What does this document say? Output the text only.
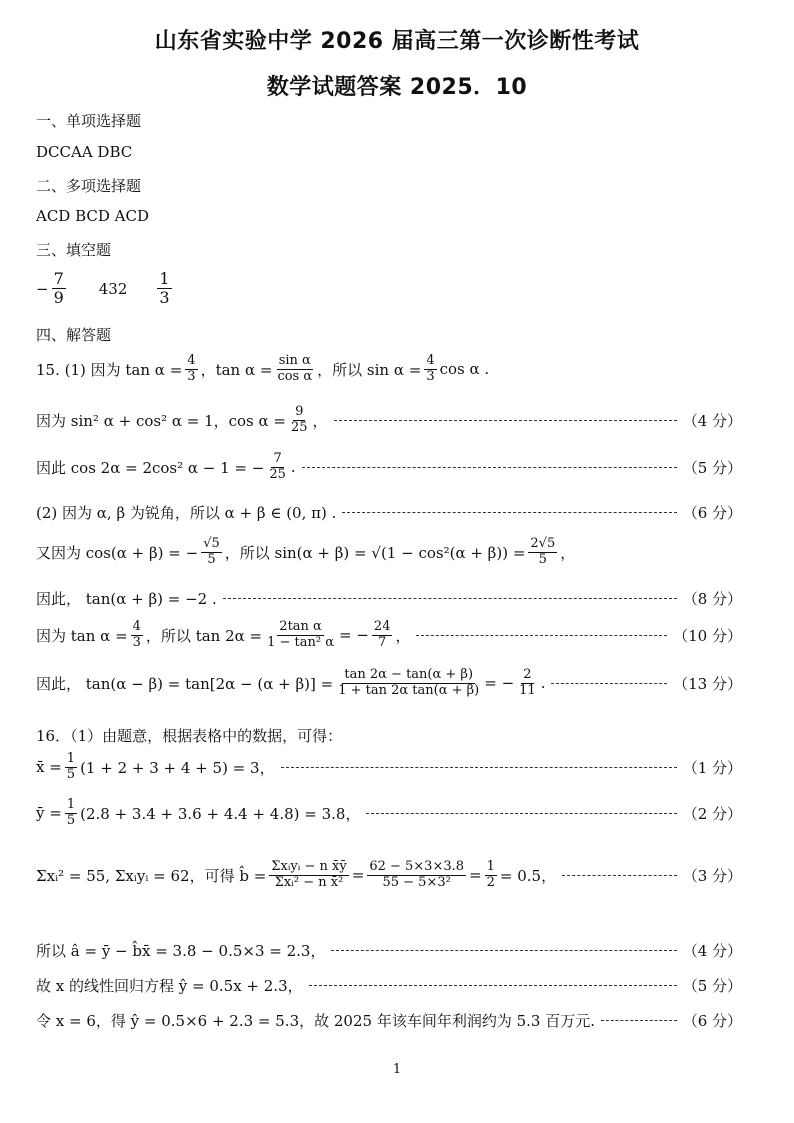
山东省实验中学 2026 届高三第一次诊断性考试
数学试题答案 2025．10
一、单项选择题
DCCAA DBC
二、多项选择题
ACD BCD ACD
三、填空题
− $\frac{7}{9} 432 \frac{1}{3}$
四、解答题
15. (1) 因为 $\tan \alpha = \frac{4}{3}$ ，$\tan \alpha = \frac{\text{sin α}}{\text{cos α}}$ ，所以 $\sin \alpha = \frac{4}{3}$ cos α .
因为 sin² α + cos² α = 1，$\cos \alpha = \frac{9}{25}$ ，	（4 分）
因此 cos 2α = 2cos² α − 1 = − $\frac{7}{25}$ .	（5 分）
(2) 因为 α, β 为锐角，所以 α + β ∈ (0, π) .	（6 分）
又因为 cos(α + β) = − $\frac{√5}{5}$ ，所以 $\sin(\alpha + \beta) = √(1 - \cos^2(\alpha + \beta)) = \frac{2√5}{5}$ ，
因此， tan(α + β) = −2 .	（8 分）
因为 $\tan \alpha = \frac{4}{3}$ ，所以 $\tan 2\alpha = \frac{\text{2tan α}}{\text{1 − tan² α}}$ = − $\frac{24}{7}$ ，	（10 分）
因此， $\tan(\alpha - \beta) = \tan[2\alpha - (\alpha + \beta)] = \frac{\tan 2\alpha - \tan(\alpha + \beta)}{\text{1 + tan 2α tan(α + β)}}$ = − $\frac{2}{11}$ .	（13 分）
16．（1）由题意，根据表格中的数据，可得：
x̄ = $\frac{1}{5} (1 + 2 + 3 + 4 + 5) = 3$，	（1 分）
ȳ = $\frac{1}{5} (2.8 + 3.4 + 3.6 + 4.4 + 4.8) = 3.8$，	（2 分）
Σxᵢ² = 55, Σxᵢyᵢ = 62，可得 b̂ = $\frac{\text{Σxᵢyᵢ − n x̄ȳ}}{\text{Σxᵢ² − n x̄²}} = \frac{62 - 5\times 3\times 3.8}{\text{55 − 5×3²}} = \frac{1}{2} = 0.5$，	（3 分）
所以 â = ȳ − b̂x̄ = 3.8 − 0.5×3 = 2.3，	（4 分）
故 x 的线性回归方程 ŷ = 0.5x + 2.3，	（5 分）
令 x = 6，得 ŷ = 0.5×6 + 2.3 = 5.3，故 2025 年该车间年利润约为 5.3 百万元.	（6 分）
1
